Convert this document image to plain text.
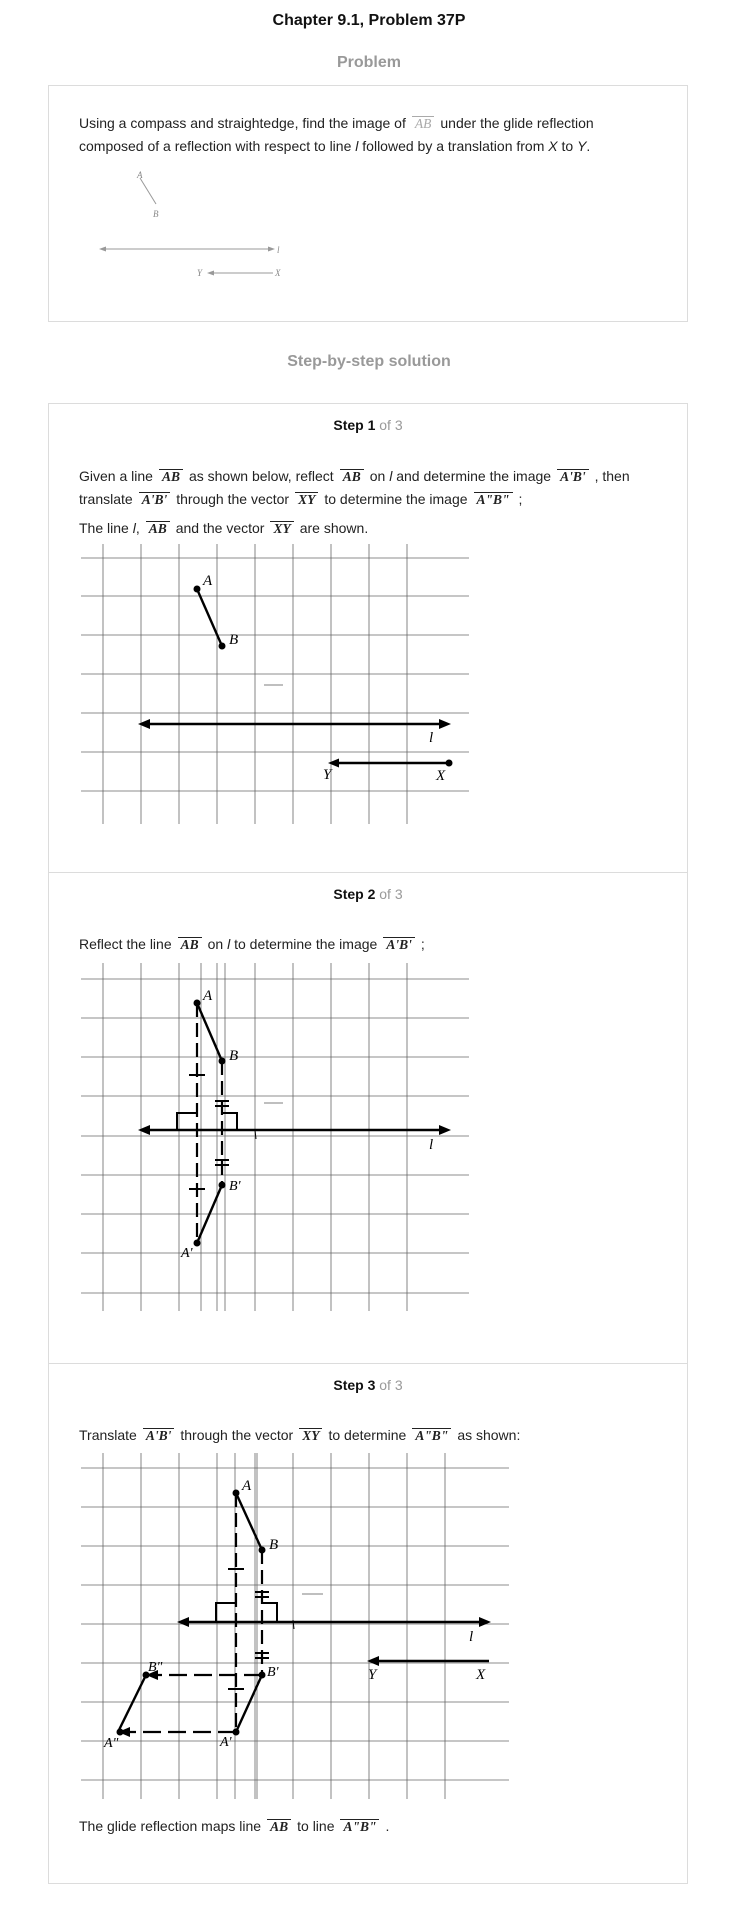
Chapter 9.1, Problem 37P
Problem
Using a compass and straightedge, find the image of AB under the glide reflection
composed of a reflection with respect to line l followed by a translation from X to Y.
A
B
l
Y	X
Step-by-step solution
Step 1 of 3
Given a line AB as shown below, reflect AB on l and determine the image A'B' , then
translate A'B' through the vector XY to determine the image A"B" ;
The line l, AB and the vector XY are shown.
A
B
l
Y	X
Step 2 of 3
Reflect the line AB on l to determine the image A'B' ;
A
B
B'
A'
l
Step 3 of 3
Translate A'B' through the vector XY to determine A"B" as shown:
l
Y	X
A
B
B'
A'
B"
A"
The glide reflection maps line AB to line A"B" .
